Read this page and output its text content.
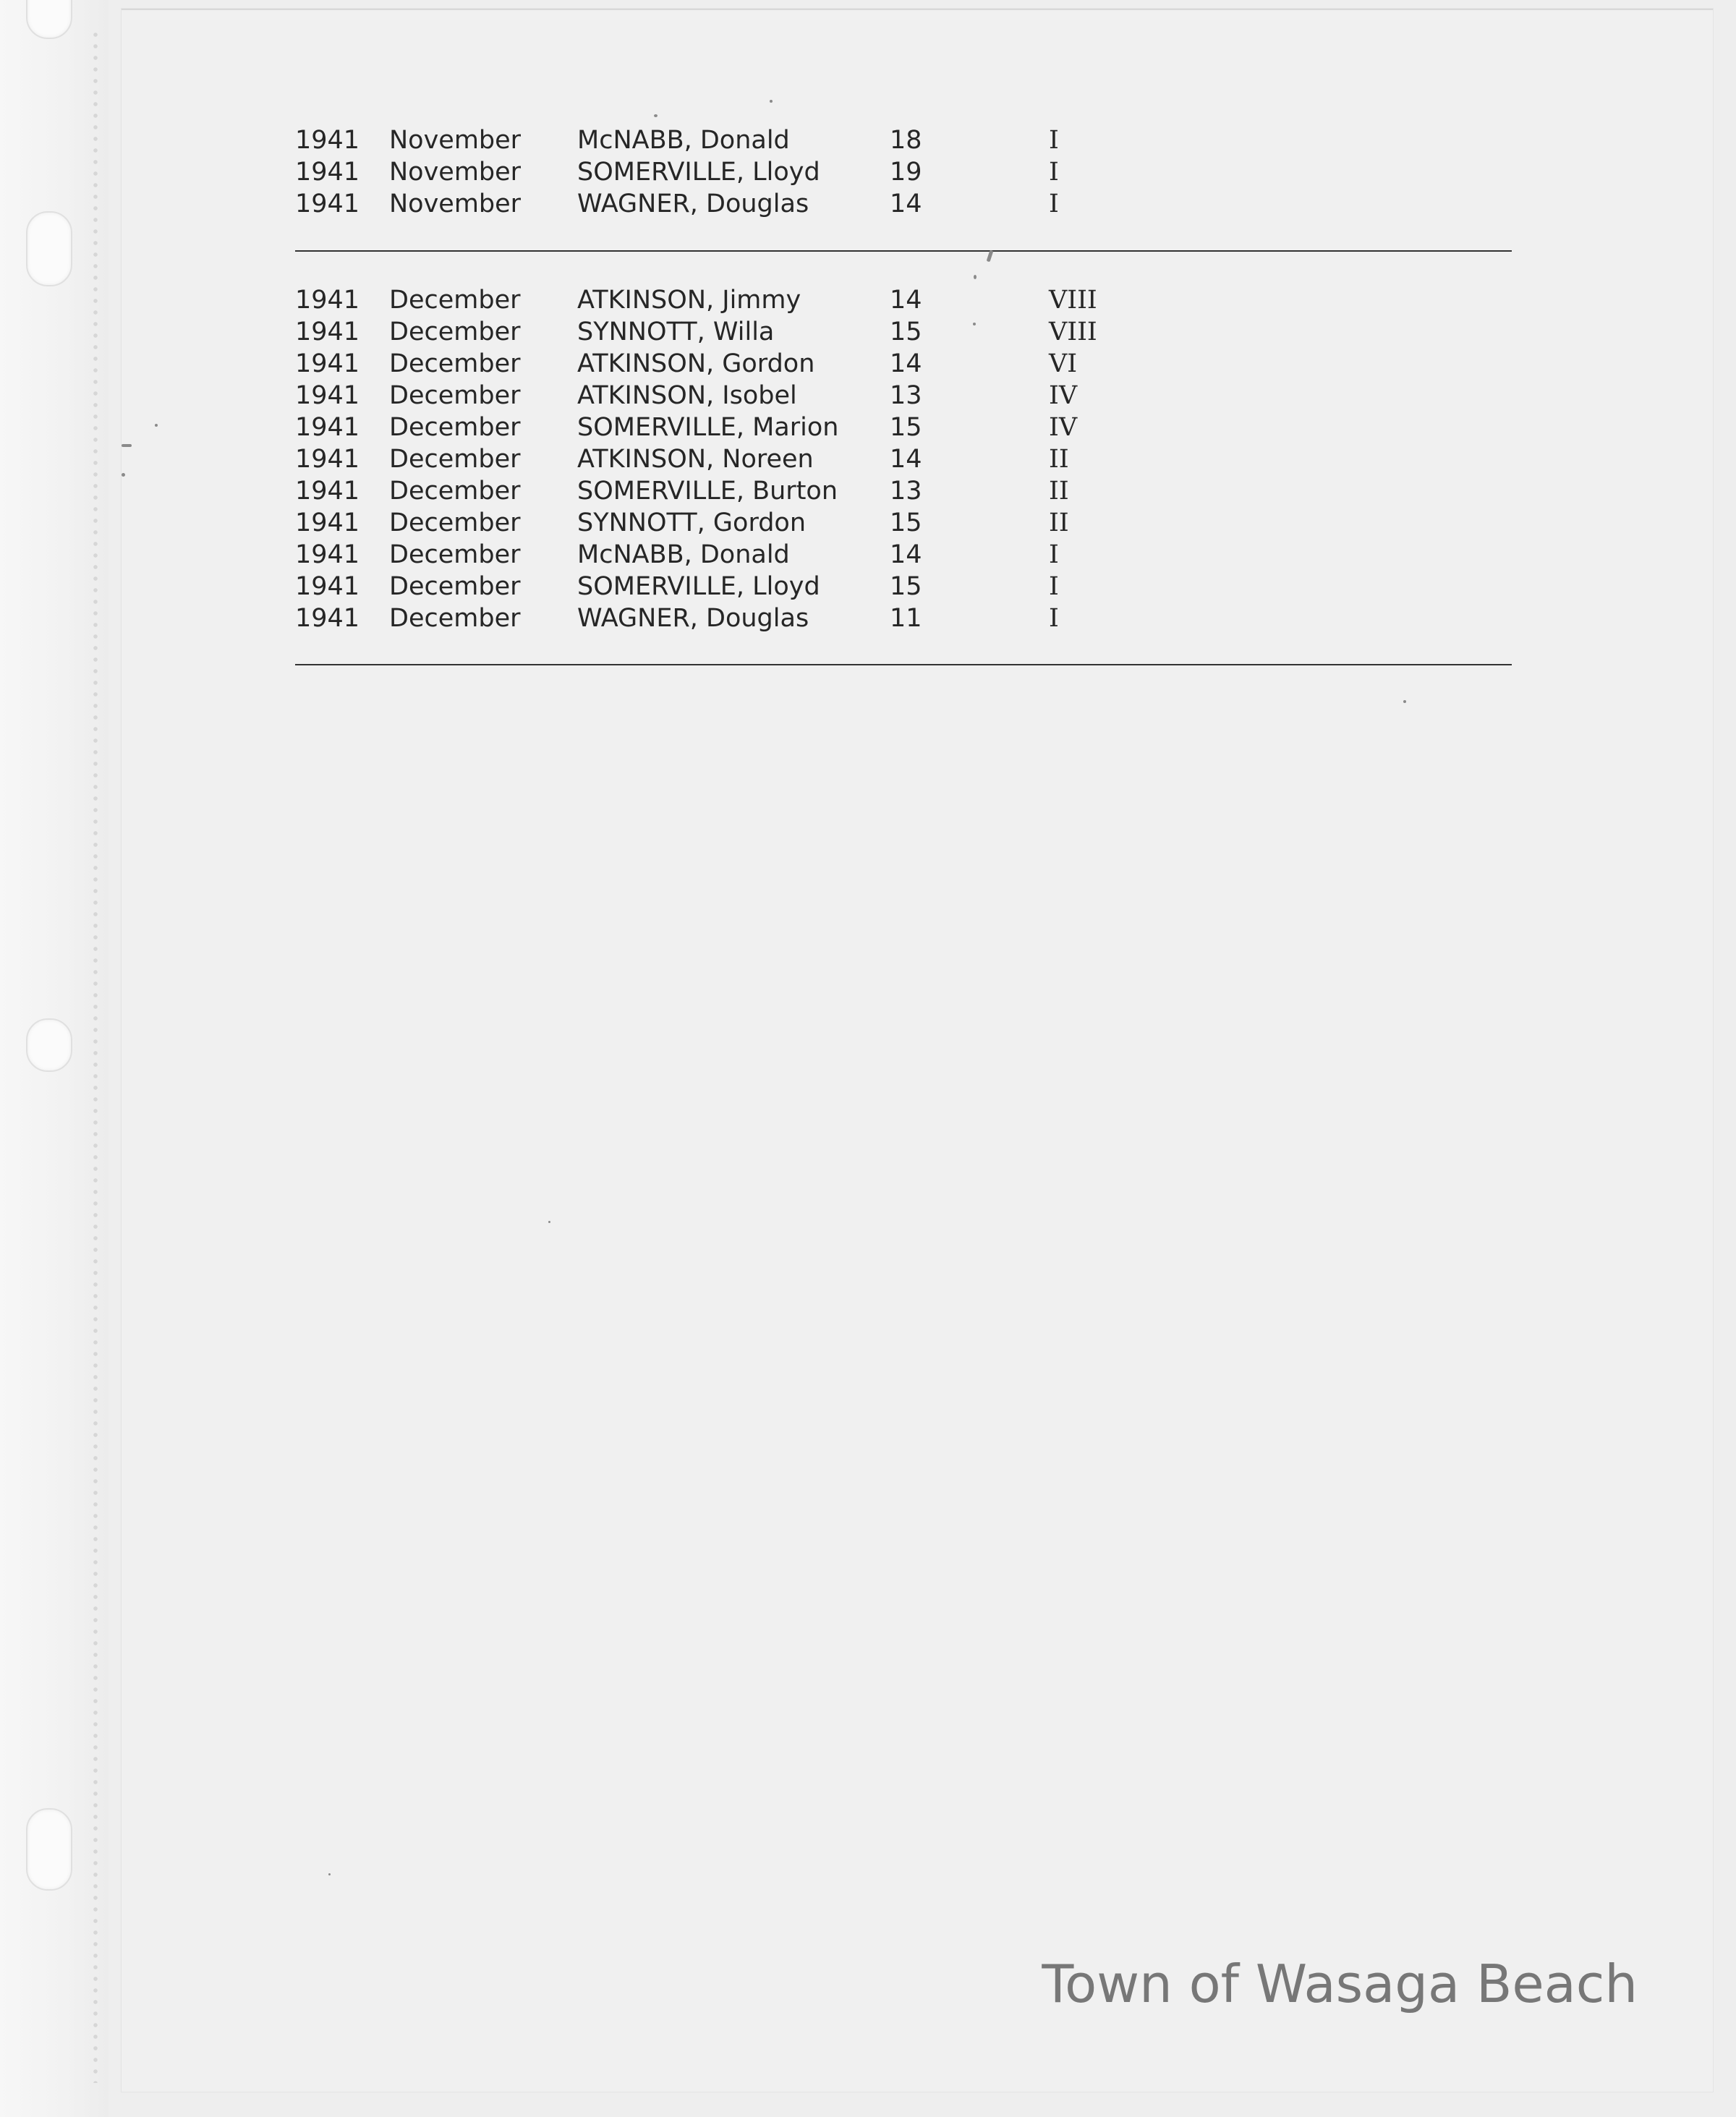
1941 November McNABB, Donald	18	I
1941 November SOMERVILLE, Lloyd	19	I
1941 November WAGNER, Douglas	14	I
1941 December ATKINSON, Jimmy	14	VIII
1941 December SYNNOTT, Willa	15	VIII
1941 December ATKINSON, Gordon	14	VI
1941 December ATKINSON, Isobel	13	IV
1941 December SOMERVILLE, Marion 15	IV
1941 December ATKINSON, Noreen	14	II
1941 December SOMERVILLE, Burton 13	II
1941 December SYNNOTT, Gordon	15	II
1941 December McNABB, Donald	14	I
1941 December SOMERVILLE, Lloyd	15	I
1941 December WAGNER, Douglas	11	I
Town of Wasaga Beach
